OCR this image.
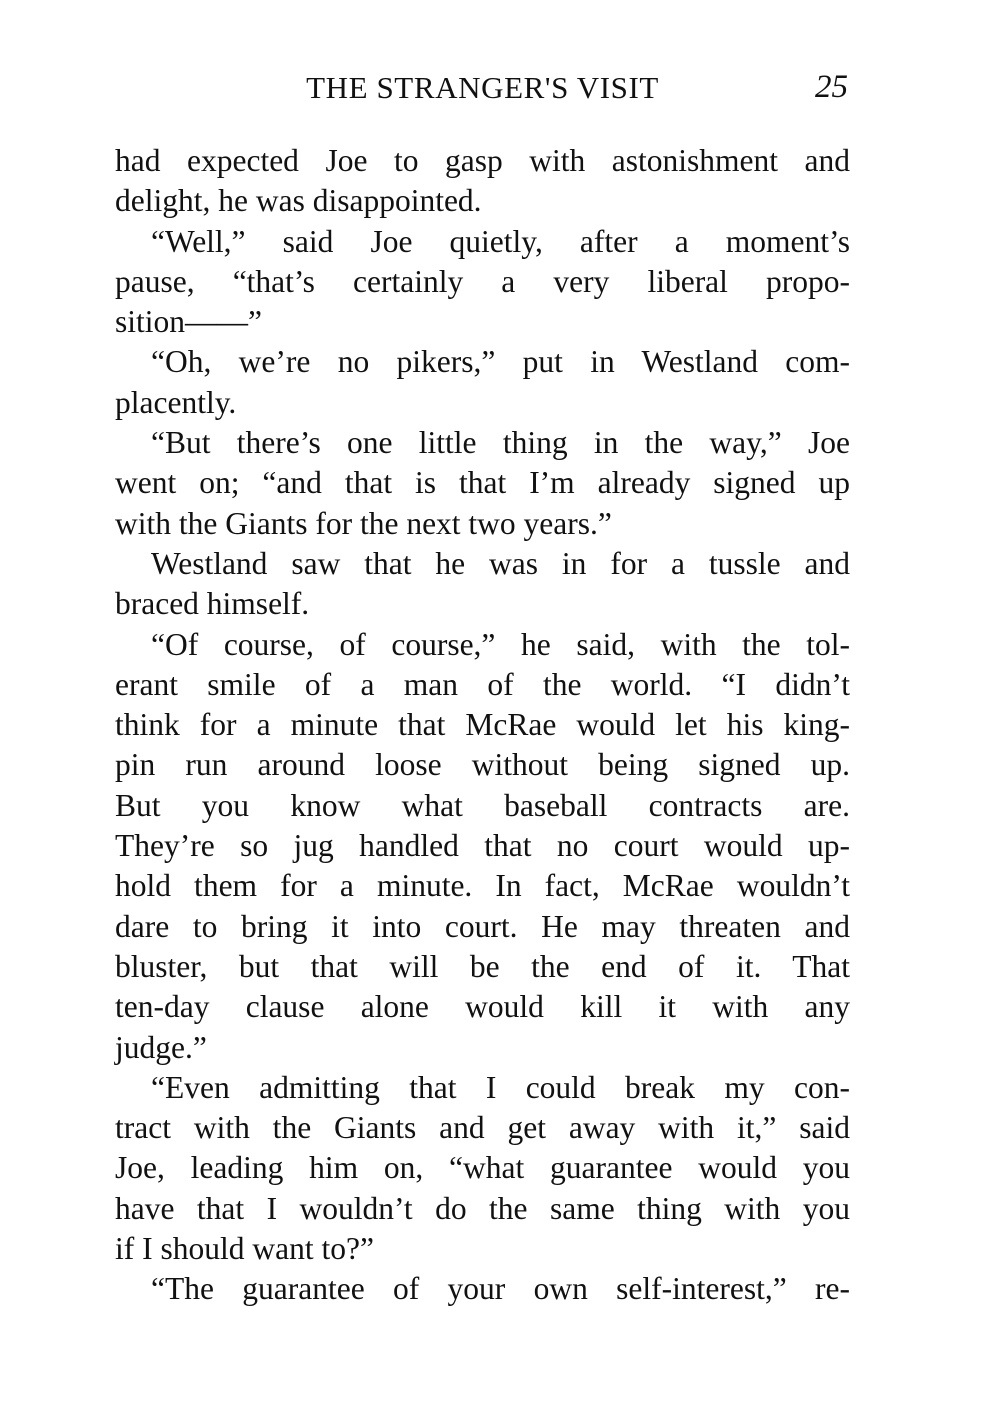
THE STRANGER'S VISIT	25
had expected Joe to gasp with astonishment and
delight, he was disappointed.
“Well,” said Joe quietly, after a moment’s
pause, “that’s certainly a very liberal propo-
sition——”
“Oh, we’re no pikers,” put in Westland com-
placently.
“But there’s one little thing in the way,” Joe
went on; “and that is that I’m already signed up
with the Giants for the next two years.”
Westland saw that he was in for a tussle and
braced himself.
“Of course, of course,” he said, with the tol-
erant smile of a man of the world. “I didn’t
think for a minute that McRae would let his king-
pin run around loose without being signed up.
But you know what baseball contracts are.
They’re so jug handled that no court would up-
hold them for a minute. In fact, McRae wouldn’t
dare to bring it into court. He may threaten and
bluster, but that will be the end of it. That
ten-day clause alone would kill it with any
judge.”
“Even admitting that I could break my con-
tract with the Giants and get away with it,” said
Joe, leading him on, “what guarantee would you
have that I wouldn’t do the same thing with you
if I should want to?”
“The guarantee of your own self-interest,” re-
